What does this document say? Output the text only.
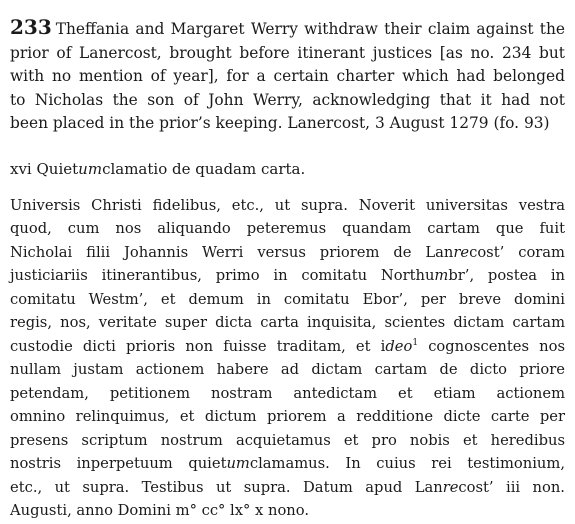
233 Theffania and Margaret Werry withdraw their claim against the
prior of Lanercost, brought before itinerant justices [as no. 234 but
with no mention of year], for a certain charter which had belonged
to Nicholas the son of John Werry, acknowledging that it had not
been placed in the prior’s keeping. Lanercost, 3 August 1279 (fo. 93)

xvi Quietumclamatio de quadam carta.

Universis Christi fidelibus, etc., ut supra. Noverit universitas vestra
quod, cum nos aliquando peteremus quandam cartam que fuit
Nicholai filii Johannis Werri versus priorem de Lanrecost’ coram
justiciariis itinerantibus, primo in comitatu Northumbr’, postea in
comitatu Westm’, et demum in comitatu Ebor’, per breve domini
regis, nos, veritate super dicta carta inquisita, scientes dictam cartam
custodie dicti prioris non fuisse traditam, et ideo$^1$ cognoscentes nos
nullam justam actionem habere ad dictam cartam de dicto priore
petendam, petitionem nostram antedictam et etiam actionem
omnino relinquimus, et dictum priorem a redditione dicte carte per
presens scriptum nostrum acquietamus et pro nobis et heredibus
nostris inperpetuum quietumclamamus. In cuius rei testimonium,
etc., ut supra. Testibus ut supra. Datum apud Lanrecost’ iii non.
Augusti, anno Domini m° cc° lx° x nono.
